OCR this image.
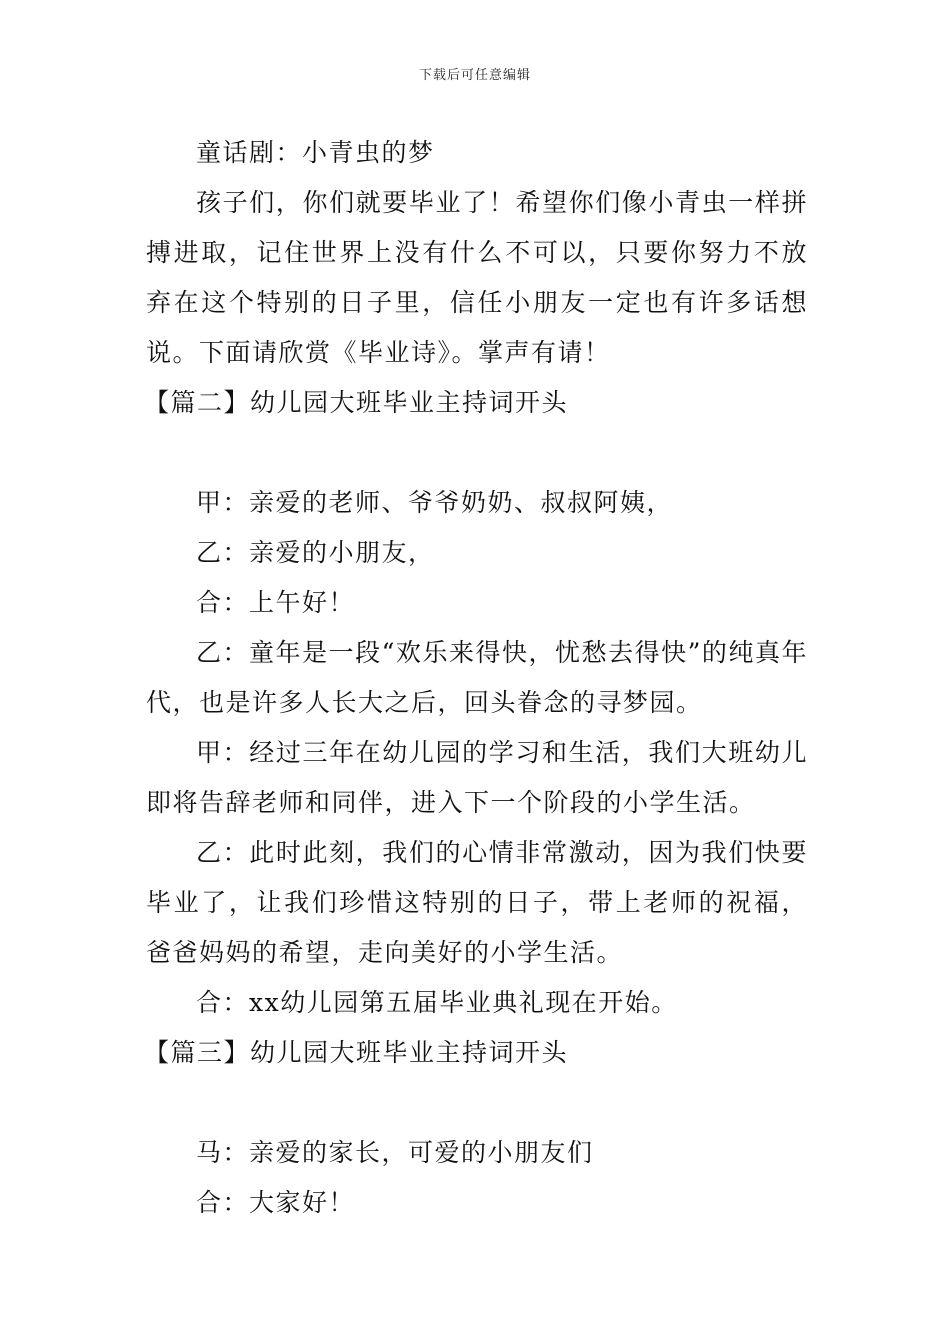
下载后可任意编辑

童话剧：小青虫的梦

孩子们，你们就要毕业了！希望你们像小青虫一样拼搏进取，记住世界上没有什么不可以，只要你努力不放弃在这个特别的日子里，信任小朋友一定也有许多话想说。下面请欣赏《毕业诗》。掌声有请！

【篇二】幼儿园大班毕业主持词开头

甲：亲爱的老师、爷爷奶奶、叔叔阿姨，

乙：亲爱的小朋友，

合：上午好！

乙：童年是一段“欢乐来得快，忧愁去得快”的纯真年代，也是许多人长大之后，回头眷念的寻梦园。

甲：经过三年在幼儿园的学习和生活，我们大班幼儿即将告辞老师和同伴，进入下一个阶段的小学生活。

乙：此时此刻，我们的心情非常激动，因为我们快要毕业了，让我们珍惜这特别的日子，带上老师的祝福，爸爸妈妈的希望，走向美好的小学生活。

合：xx幼儿园第五届毕业典礼现在开始。

【篇三】幼儿园大班毕业主持词开头

马：亲爱的家长，可爱的小朋友们

合：大家好！
